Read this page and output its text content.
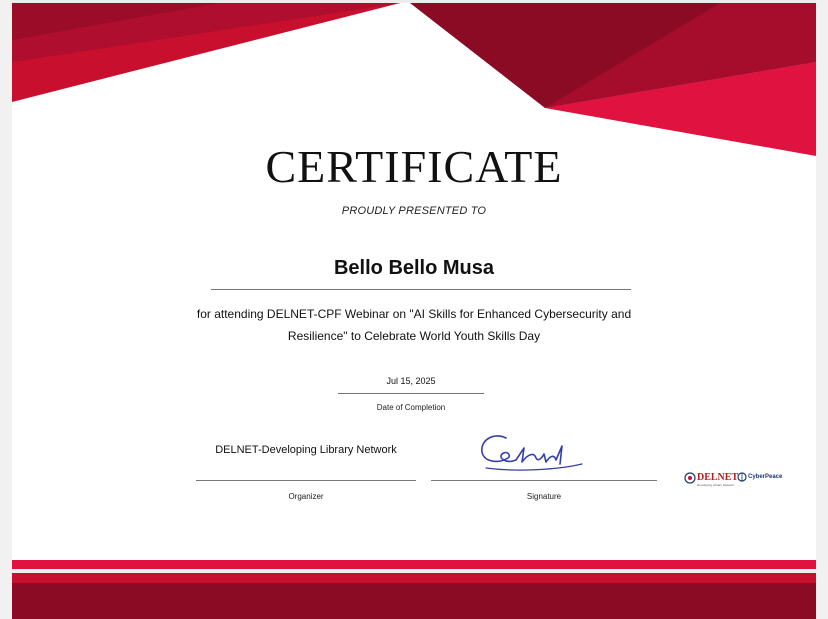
CERTIFICATE
PROUDLY PRESENTED TO
Bello Bello Musa
for attending DELNET-CPF Webinar on "AI Skills for Enhanced Cybersecurity and Resilience" to Celebrate World Youth Skills Day
Jul 15, 2025
Date of Completion
DELNET-Developing Library Network
Organizer	Signature
DELNET
Developing Library Network
CyberPeace
